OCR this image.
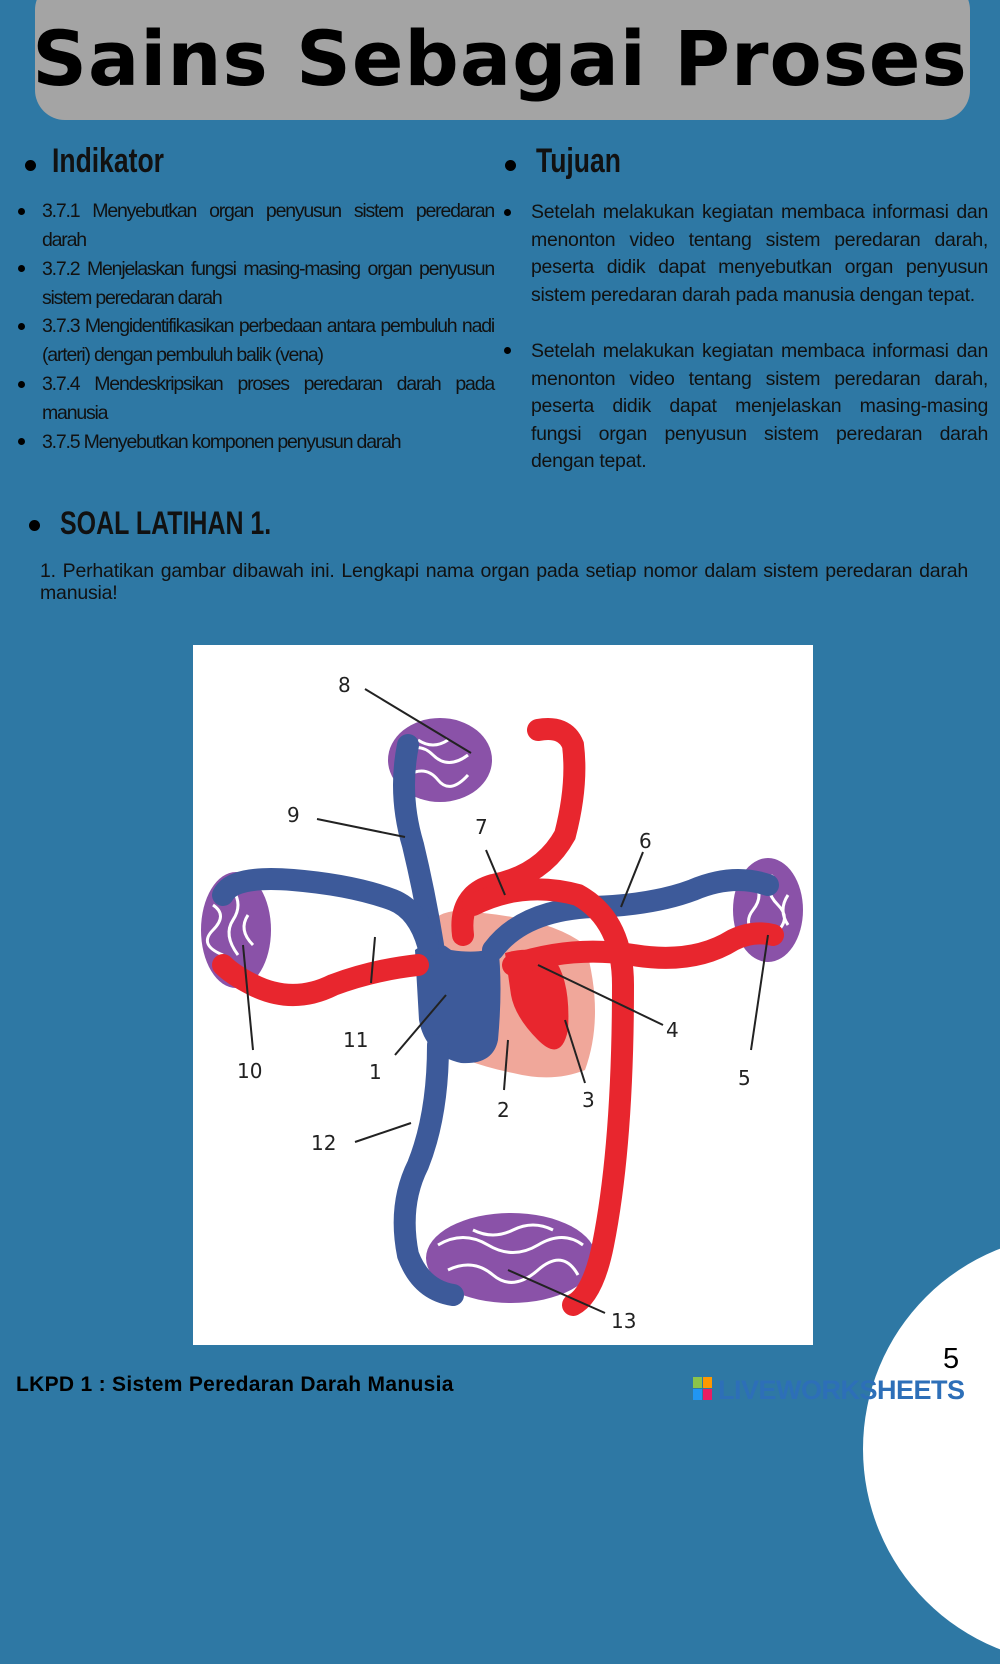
Sains Sebagai Proses
Indikator
3.7.1 Menyebutkan organ penyusun sistem peredaran darah
3.7.2 Menjelaskan fungsi masing-masing organ penyusun sistem peredaran darah
3.7.3 Mengidentifikasikan perbedaan antara pembuluh nadi (arteri) dengan pembuluh balik (vena)
3.7.4 Mendeskripsikan proses peredaran darah pada manusia
3.7.5 Menyebutkan komponen penyusun darah
Tujuan
Setelah melakukan kegiatan membaca informasi dan menonton video tentang sistem peredaran darah, peserta didik dapat menyebutkan organ penyusun sistem peredaran darah pada manusia dengan tepat.
Setelah melakukan kegiatan membaca informasi dan menonton video tentang sistem peredaran darah, peserta didik dapat menjelaskan masing-masing fungsi organ penyusun sistem peredaran darah dengan tepat.
SOAL LATIHAN 1.
1. Perhatikan gambar dibawah ini. Lengkapi nama organ pada setiap nomor dalam sistem peredaran darah manusia!
1
2	3
4
5
6
7
8
9
10
11
12
13
LKPD 1 : Sistem Peredaran Darah Manusia
5
LIVEWORKSHEETS
